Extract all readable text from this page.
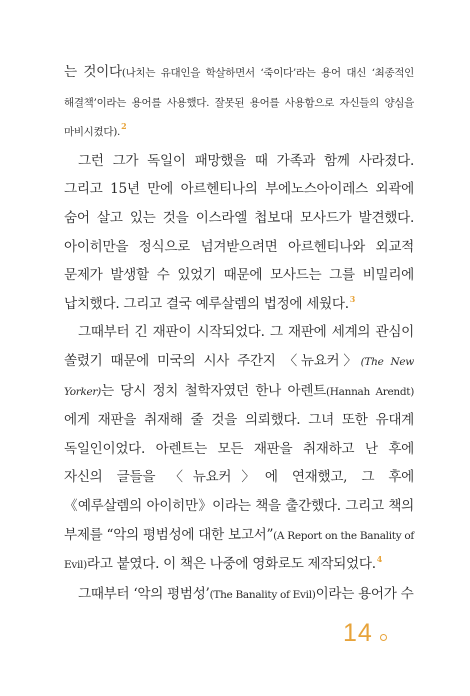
는 것이다(나치는 유대인을 학살하면서 ‘죽이다’라는 용어 대신 ‘최종적인 해결책’이라는 용어를 사용했다. 잘못된 용어를 사용함으로 자신들의 양심을 마비시켰다).$^2$

그런 그가 독일이 패망했을 때 가족과 함께 사라졌다. 그리고 15년 만에 아르헨티나의 부에노스아이레스 외곽에 숨어 살고 있는 것을 이스라엘 첩보대 모사드가 발견했다. 아이히만을 정식으로 넘겨받으려면 아르헨티나와 외교적 문제가 발생할 수 있었기 때문에 모사드는 그를 비밀리에 납치했다. 그리고 결국 예루살렘의 법정에 세웠다.$^3$

그때부터 긴 재판이 시작되었다. 그 재판에 세계의 관심이 쏠렸기 때문에 미국의 시사 주간지 〈뉴요커〉(The New Yorker)는 당시 정치 철학자였던 한나 아렌트(Hannah Arendt)에게 재판을 취재해 줄 것을 의뢰했다. 그녀 또한 유대계 독일인이었다. 아렌트는 모든 재판을 취재하고 난 후에 자신의 글들을 〈뉴요커〉에 연재했고, 그 후에 《예루살렘의 아이히만》이라는 책을 출간했다. 그리고 책의 부제를 “악의 평범성에 대한 보고서”(A Report on the Banality of Evil)라고 붙였다. 이 책은 나중에 영화로도 제작되었다.$^4$

그때부터 ‘악의 평범성’(The Banality of Evil)이라는 용어가 수

14
